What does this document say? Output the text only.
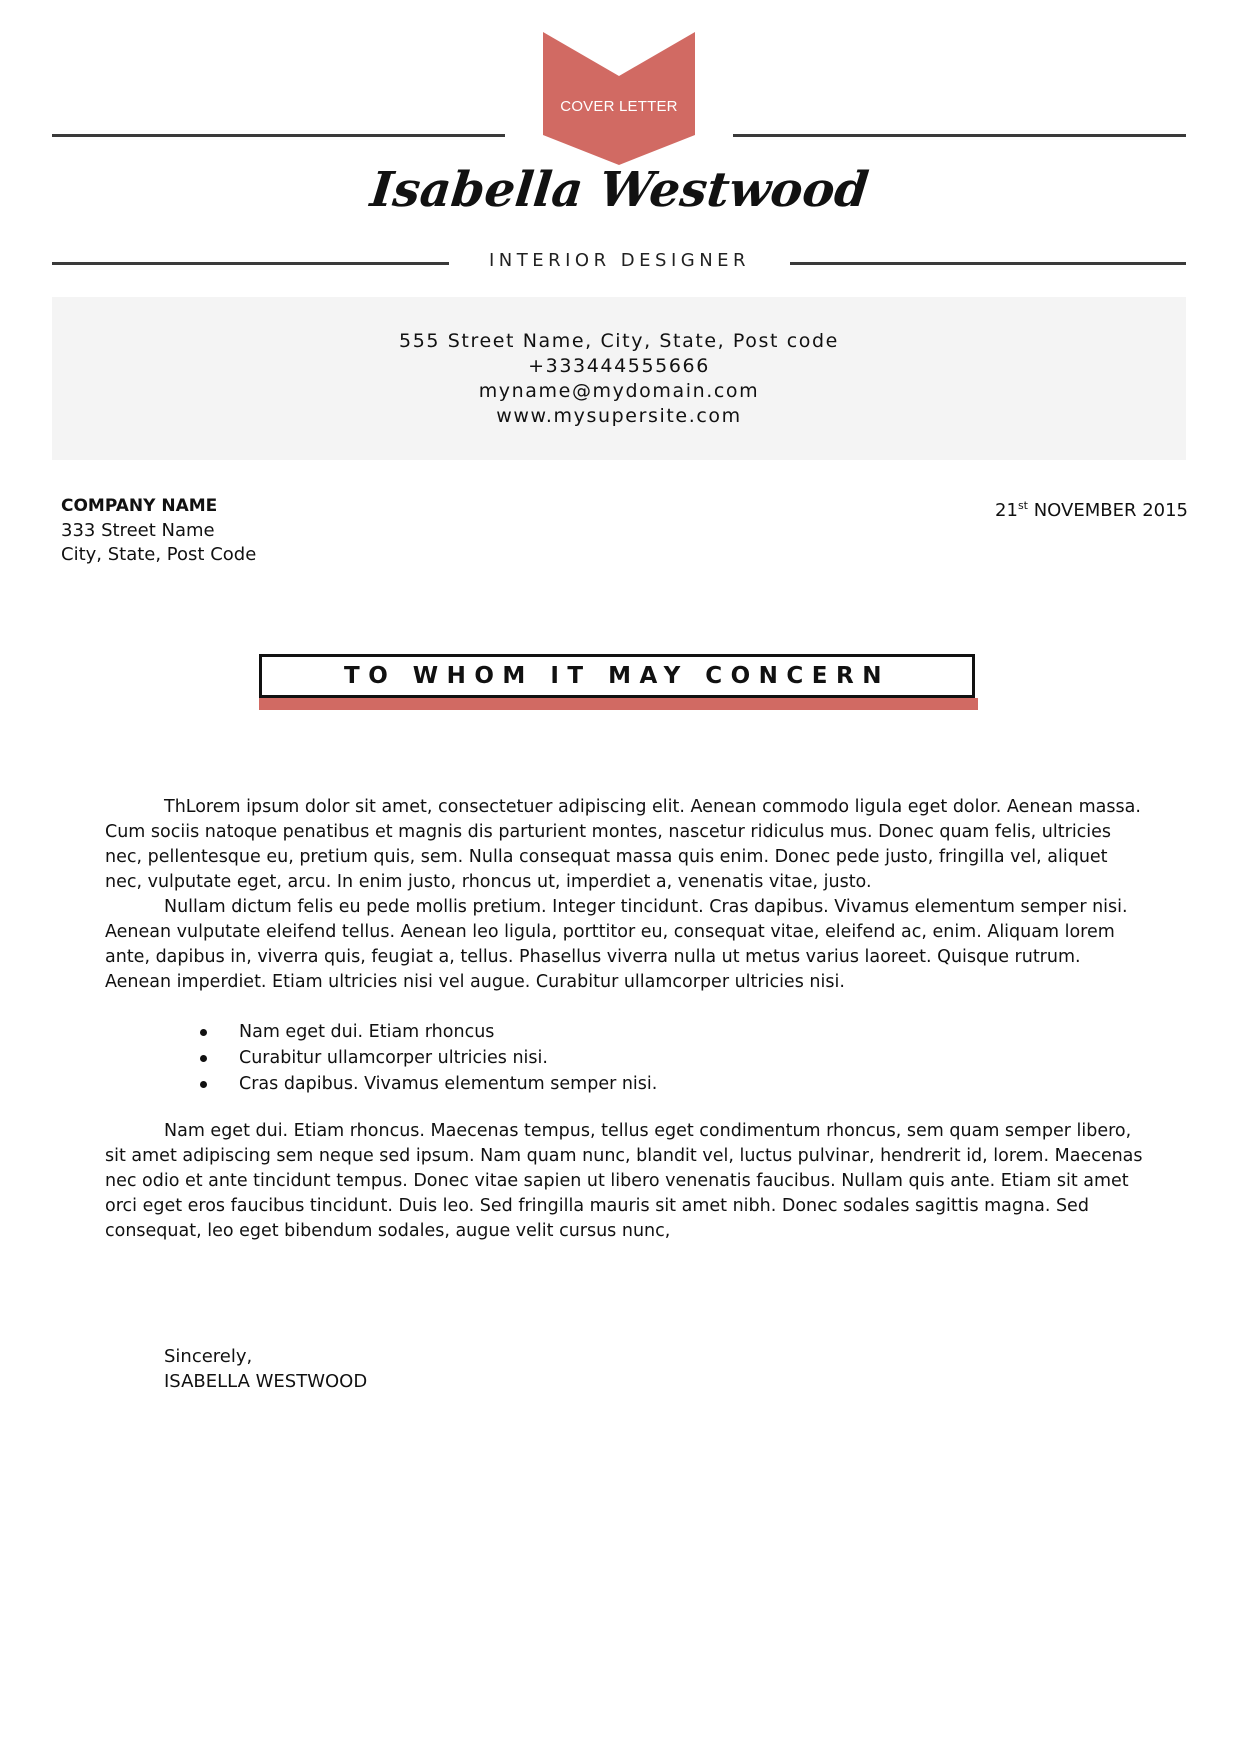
COVER LETTER
Isabella Westwood
INTERIOR DESIGNER
555 Street Name, City, State, Post code
+333444555666
myname@mydomain.com
www.mysupersite.com
COMPANY NAME
333 Street Name
City, State, Post Code
21st NOVEMBER 2015
TO WHOM IT MAY CONCERN

ThLorem ipsum dolor sit amet, consectetuer adipiscing elit. Aenean commodo ligula eget dolor. Aenean massa. Cum sociis natoque penatibus et magnis dis parturient montes, nascetur ridiculus mus. Donec quam felis, ultricies nec, pellentesque eu, pretium quis, sem. Nulla consequat massa quis enim. Donec pede justo, fringilla vel, aliquet nec, vulputate eget, arcu. In enim justo, rhoncus ut, imperdiet a, venenatis vitae, justo.

Nullam dictum felis eu pede mollis pretium. Integer tincidunt. Cras dapibus. Vivamus elementum semper nisi. Aenean vulputate eleifend tellus. Aenean leo ligula, porttitor eu, consequat vitae, eleifend ac, enim. Aliquam lorem ante, dapibus in, viverra quis, feugiat a, tellus. Phasellus viverra nulla ut metus varius laoreet. Quisque rutrum. Aenean imperdiet. Etiam ultricies nisi vel augue. Curabitur ullamcorper ultricies nisi.

Nam eget dui. Etiam rhoncus
Curabitur ullamcorper ultricies nisi.
Cras dapibus. Vivamus elementum semper nisi.

Nam eget dui. Etiam rhoncus. Maecenas tempus, tellus eget condimentum rhoncus, sem quam semper libero, sit amet adipiscing sem neque sed ipsum. Nam quam nunc, blandit vel, luctus pulvinar, hendrerit id, lorem. Maecenas nec odio et ante tincidunt tempus. Donec vitae sapien ut libero venenatis faucibus. Nullam quis ante. Etiam sit amet orci eget eros faucibus tincidunt. Duis leo. Sed fringilla mauris sit amet nibh. Donec sodales sagittis magna. Sed consequat, leo eget bibendum sodales, augue velit cursus nunc,

Sincerely,
ISABELLA WESTWOOD
